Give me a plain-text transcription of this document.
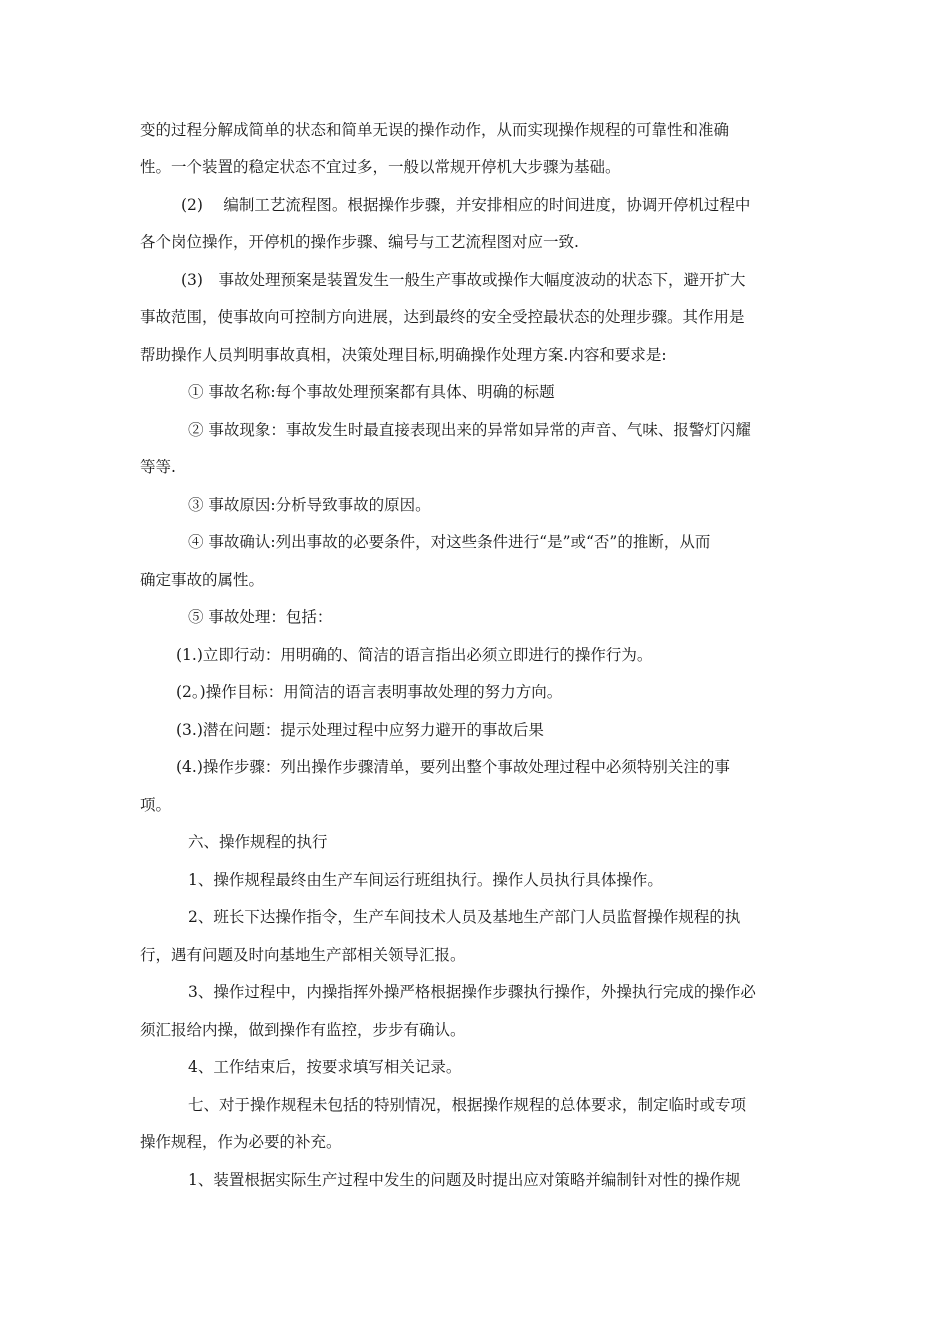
变的过程分解成简单的状态和简单无误的操作动作，从而实现操作规程的可靠性和准确
性。一个装置的稳定状态不宜过多，一般以常规开停机大步骤为基础。
(2)　 编制工艺流程图。根据操作步骤，并安排相应的时间进度，协调开停机过程中
各个岗位操作，开停机的操作步骤、编号与工艺流程图对应一致.
(3)　事故处理预案是装置发生一般生产事故或操作大幅度波动的状态下，避开扩大
事故范围，使事故向可控制方向进展，达到最终的安全受控最状态的处理步骤。其作用是
帮助操作人员判明事故真相，决策处理目标,明确操作处理方案.内容和要求是:
① 事故名称:每个事故处理预案都有具体、明确的标题
② 事故现象：事故发生时最直接表现出来的异常如异常的声音、气味、报警灯闪耀
等等.
③ 事故原因:分析导致事故的原因。
④ 事故确认:列出事故的必要条件，对这些条件进行“是”或“否”的推断，从而
确定事故的属性。
⑤ 事故处理：包括：
(1.)立即行动：用明确的、简洁的语言指出必须立即进行的操作行为。
(2。)操作目标：用简洁的语言表明事故处理的努力方向。
(3.)潜在问题：提示处理过程中应努力避开的事故后果
(4.)操作步骤：列出操作步骤清单，要列出整个事故处理过程中必须特别关注的事
项。
六、操作规程的执行
1、操作规程最终由生产车间运行班组执行。操作人员执行具体操作。
2、班长下达操作指令，生产车间技术人员及基地生产部门人员监督操作规程的执
行，遇有问题及时向基地生产部相关领导汇报。
3、操作过程中，内操指挥外操严格根据操作步骤执行操作，外操执行完成的操作必
须汇报给内操，做到操作有监控，步步有确认。
4、工作结束后，按要求填写相关记录。
七、对于操作规程未包括的特别情况，根据操作规程的总体要求，制定临时或专项
操作规程，作为必要的补充。
1、装置根据实际生产过程中发生的问题及时提出应对策略并编制针对性的操作规
